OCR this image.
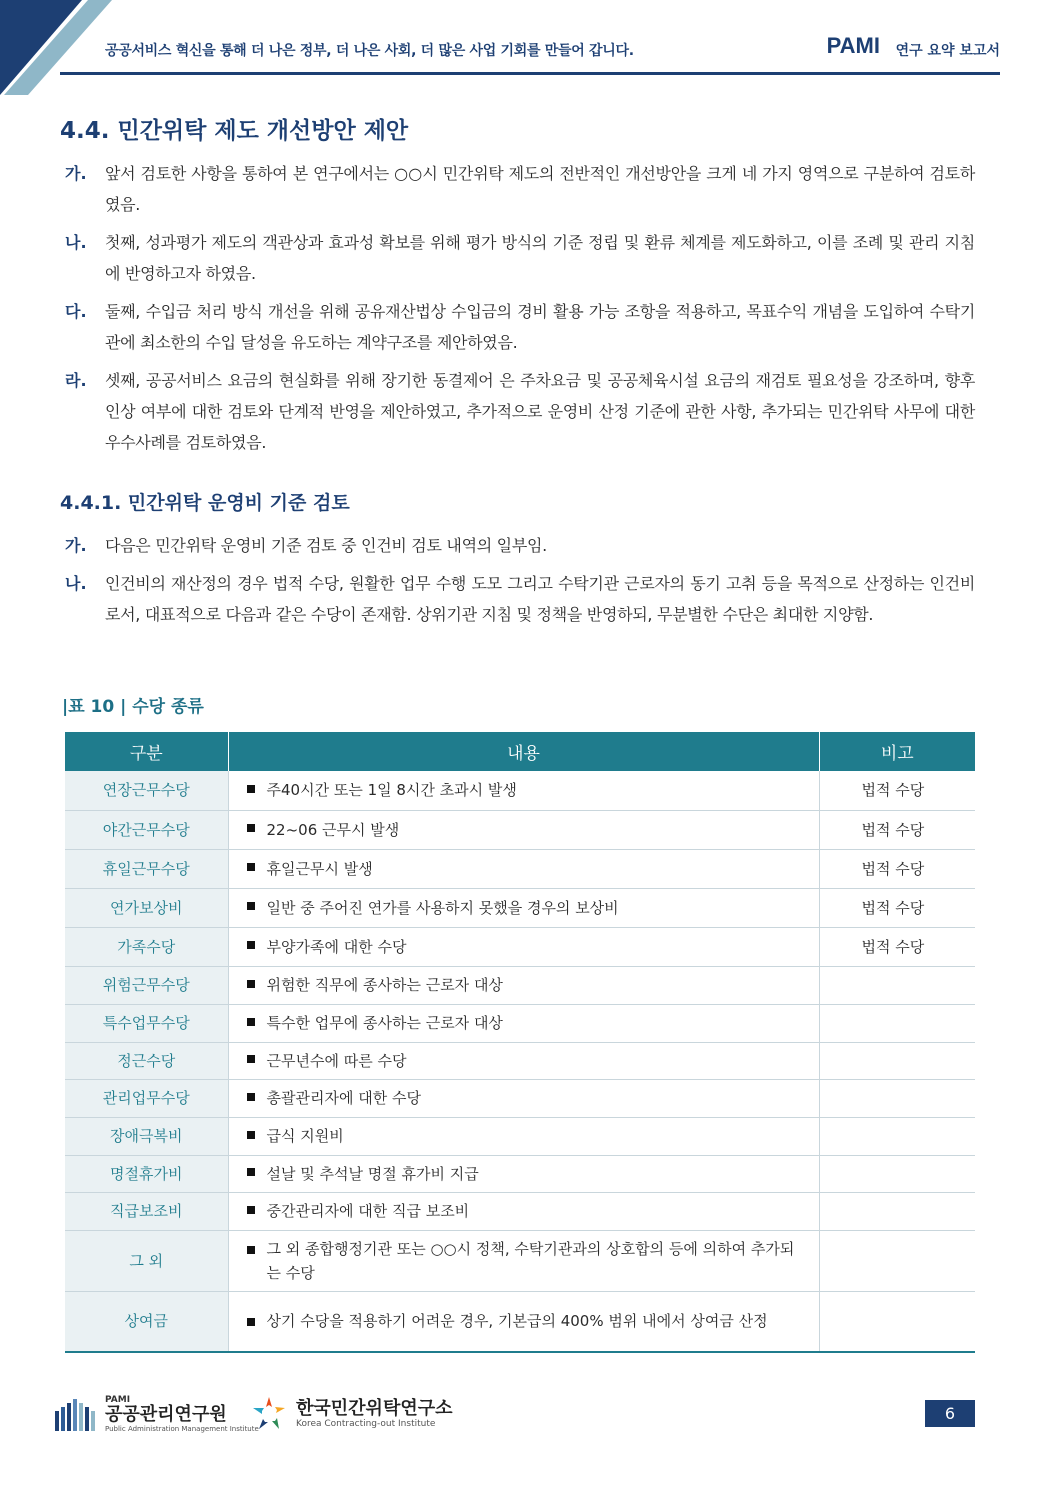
공공서비스 혁신을 통해 더 나은 정부, 더 나은 사회, 더 많은 사업 기회를 만들어 갑니다.	PAMI 연구 요약 보고서
4.4. 민간위탁 제도 개선방안 제안
가.	앞서 검토한 사항을 통하여 본 연구에서는 ○○시 민간위탁 제도의 전반적인 개선방안을 크게 네 가지 영역으로 구분하여 검토하였음.
나.	첫째, 성과평가 제도의 객관상과 효과성 확보를 위해 평가 방식의 기준 정립 및 환류 체계를 제도화하고, 이를 조례 및 관리 지침에 반영하고자 하였음.
다.	둘째, 수입금 처리 방식 개선을 위해 공유재산법상 수입금의 경비 활용 가능 조항을 적용하고, 목표수익 개념을 도입하여 수탁기관에 최소한의 수입 달성을 유도하는 계약구조를 제안하였음.
라.	셋째, 공공서비스 요금의 현실화를 위해 장기한 동결제어 은 주차요금 및 공공체육시설 요금의 재검토 필요성을 강조하며, 향후 인상 여부에 대한 검토와 단계적 반영을 제안하였고, 추가적으로 운영비 산정 기준에 관한 사항, 추가되는 민간위탁 사무에 대한 우수사례를 검토하였음.
4.4.1. 민간위탁 운영비 기준 검토
가.	다음은 민간위탁 운영비 기준 검토 중 인건비 검토 내역의 일부임.
나.	인건비의 재산정의 경우 법적 수당, 원활한 업무 수행 도모 그리고 수탁기관 근로자의 동기 고취 등을 목적으로 산정하는 인건비로서, 대표적으로 다음과 같은 수당이 존재함. 상위기관 지침 및 정책을 반영하되, 무분별한 수단은 최대한 지양함.
|표 10 | 수당 종류
구분	내용	비고
연장근무수당	주40시간 또는 1일 8시간 초과시 발생	법적 수당
야간근무수당	22~06 근무시 발생	법적 수당
휴일근무수당	휴일근무시 발생	법적 수당
연가보상비	일반 중 주어진 연가를 사용하지 못했을 경우의 보상비	법적 수당
가족수당	부양가족에 대한 수당	법적 수당
위험근무수당	위험한 직무에 종사하는 근로자 대상	
특수업무수당	특수한 업무에 종사하는 근로자 대상	
정근수당	근무년수에 따른 수당	
관리업무수당	총괄관리자에 대한 수당	
장애극복비	급식 지원비	
명절휴가비	설날 및 추석날 명절 휴가비 지급	
직급보조비	중간관리자에 대한 직급 보조비	
그 외	그 외 종합행정기관 또는 ○○시 정책, 수탁기관과의 상호합의 등에 의하여 추가되는 수당	

상여금	상기 수당을 적용하기 어려운 경우, 기본급의 400% 범위 내에서 상여금 산정	

PAMI
공공관리연구원
Public Administration Management Institute
한국민간위탁연구소
Korea Contracting-out Institute
6
